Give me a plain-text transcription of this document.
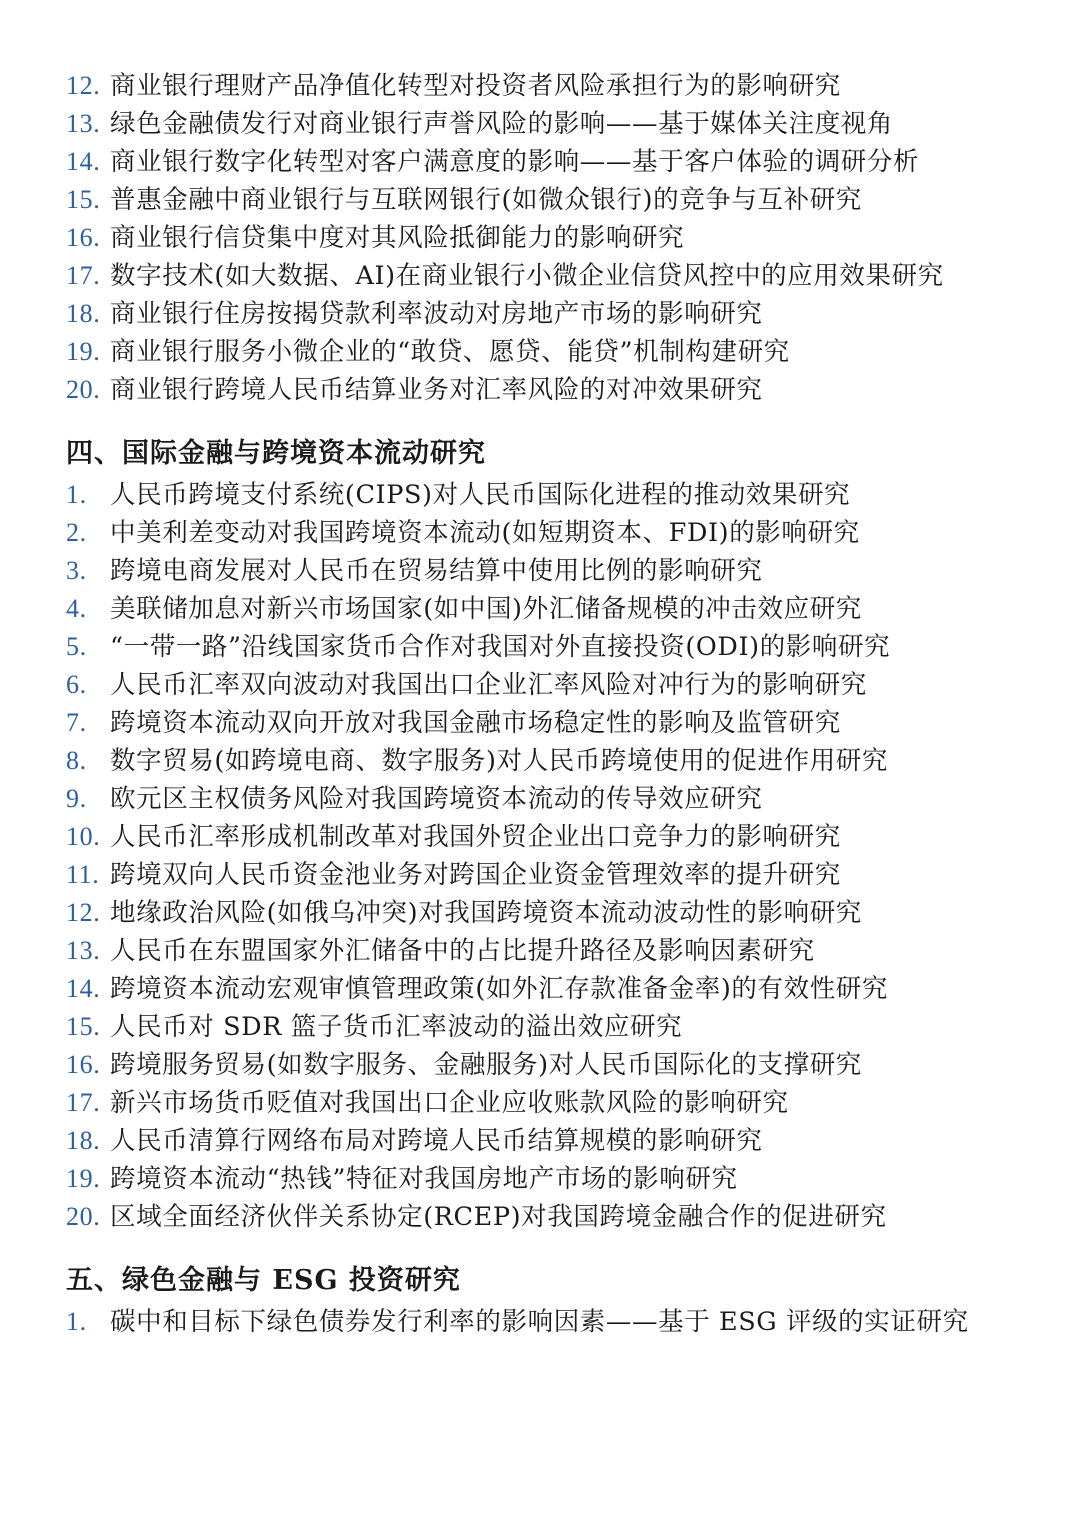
12. 商业银行理财产品净值化转型对投资者风险承担行为的影响研究
13. 绿色金融债发行对商业银行声誉风险的影响——基于媒体关注度视角
14. 商业银行数字化转型对客户满意度的影响——基于客户体验的调研分析
15. 普惠金融中商业银行与互联网银行(如微众银行)的竞争与互补研究
16. 商业银行信贷集中度对其风险抵御能力的影响研究
17. 数字技术(如大数据、AI)在商业银行小微企业信贷风控中的应用效果研究
18. 商业银行住房按揭贷款利率波动对房地产市场的影响研究
19. 商业银行服务小微企业的“敢贷、愿贷、能贷”机制构建研究
20. 商业银行跨境人民币结算业务对汇率风险的对冲效果研究
四、国际金融与跨境资本流动研究
1. 人民币跨境支付系统(CIPS)对人民币国际化进程的推动效果研究
2. 中美利差变动对我国跨境资本流动(如短期资本、FDI)的影响研究
3. 跨境电商发展对人民币在贸易结算中使用比例的影响研究
4. 美联储加息对新兴市场国家(如中国)外汇储备规模的冲击效应研究
5. “一带一路”沿线国家货币合作对我国对外直接投资(ODI)的影响研究
6. 人民币汇率双向波动对我国出口企业汇率风险对冲行为的影响研究
7. 跨境资本流动双向开放对我国金融市场稳定性的影响及监管研究
8. 数字贸易(如跨境电商、数字服务)对人民币跨境使用的促进作用研究
9. 欧元区主权债务风险对我国跨境资本流动的传导效应研究
10. 人民币汇率形成机制改革对我国外贸企业出口竞争力的影响研究
11. 跨境双向人民币资金池业务对跨国企业资金管理效率的提升研究
12. 地缘政治风险(如俄乌冲突)对我国跨境资本流动波动性的影响研究
13. 人民币在东盟国家外汇储备中的占比提升路径及影响因素研究
14. 跨境资本流动宏观审慎管理政策(如外汇存款准备金率)的有效性研究
15. 人民币对 SDR 篮子货币汇率波动的溢出效应研究
16. 跨境服务贸易(如数字服务、金融服务)对人民币国际化的支撑研究
17. 新兴市场货币贬值对我国出口企业应收账款风险的影响研究
18. 人民币清算行网络布局对跨境人民币结算规模的影响研究
19. 跨境资本流动“热钱”特征对我国房地产市场的影响研究
20. 区域全面经济伙伴关系协定(RCEP)对我国跨境金融合作的促进研究
五、绿色金融与 ESG 投资研究
1. 碳中和目标下绿色债券发行利率的影响因素——基于 ESG 评级的实证研究
